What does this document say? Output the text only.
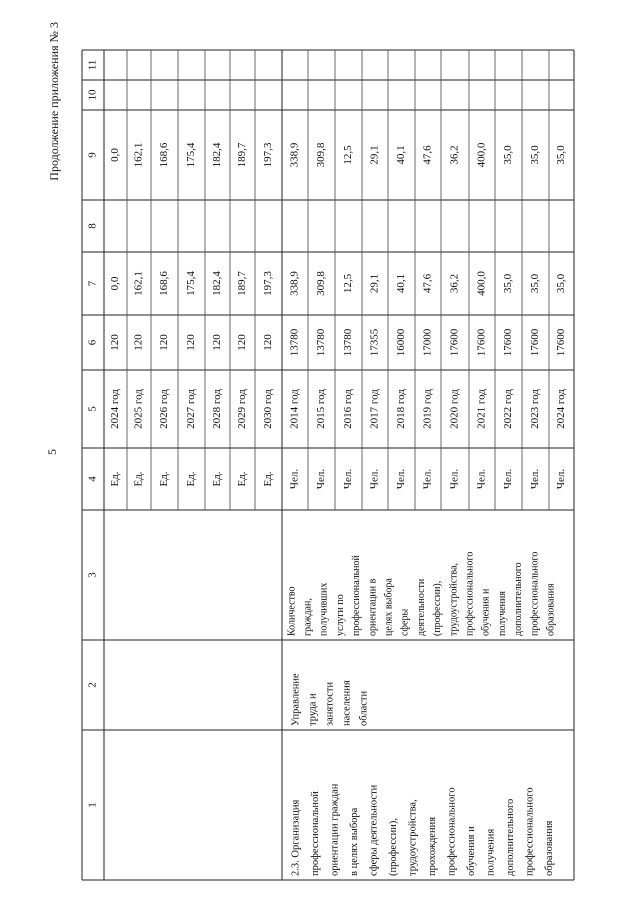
5
Продолжение приложения № 3
1
2
3
4
5
6
7
8
9
10
11
Ед.
2024 год
120
0,0
0,0
Ед.
2025 год
120
162,1
162,1
Ед.
2026 год
120
168,6
168,6
Ед.
2027 год
120
175,4
175,4
Ед.
2028 год
120
182,4
182,4
Ед.
2029 год
120
189,7
189,7
Ед.
2030 год
120
197,3
197,3
Чел.
2014 год
13780
338,9
338,9
Чел.
2015 год
13780
309,8
309,8
Чел.
2016 год
13780
12,5
12,5
Чел.
2017 год
17355
29,1
29,1
Чел.
2018 год
16000
40,1
40,1
Чел.
2019 год
17000
47,6
47,6
Чел.
2020 год
17600
36,2
36,2
Чел.
2021 год
17600
400,0
400,0
Чел.
2022 год
17600
35,0
35,0
Чел.
2023 год
17600
35,0
35,0
Чел.
2024 год
17600
35,0
35,0
2.3. Организация профессиональной ориентации граждан в целях выбора сферы деятельности (профессии), трудоустройства, прохождения профессионального обучения и получения дополнительного профессионального образования
Управление труда и занятости населения области
Количество граждан, получивших услуги по профессиональной ориентации в целях выбора сферы деятельности (профессии), трудоустройства, профессионального обучения и получения дополнительного профессионального образования
